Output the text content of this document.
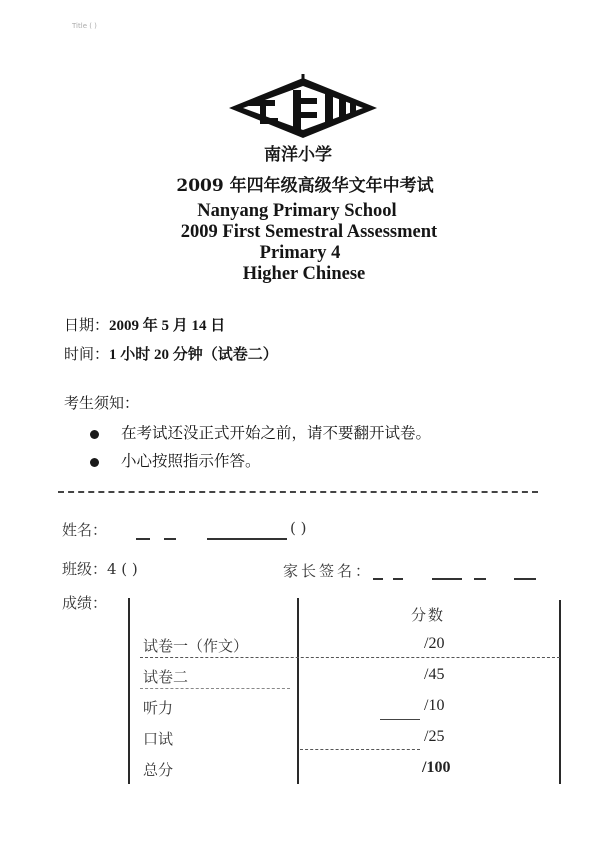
Title ( )
南洋小学
2009 年四年级高级华文年中考试
Nanyang Primary School
2009 First Semestral Assessment
Primary 4
Higher Chinese
日期：2009 年 5 月 14 日
时间：1 小时 20 分钟（试卷二）
考生须知：
在考试还没正式开始之前，请不要翻开试卷。
小心按照指示作答。
姓名：	( )
班级：4 ( )	家长签名：
成绩：
分数
试卷一（作文）	/20
试卷二	/45
听力	/10
口试	/25
总分	/100
